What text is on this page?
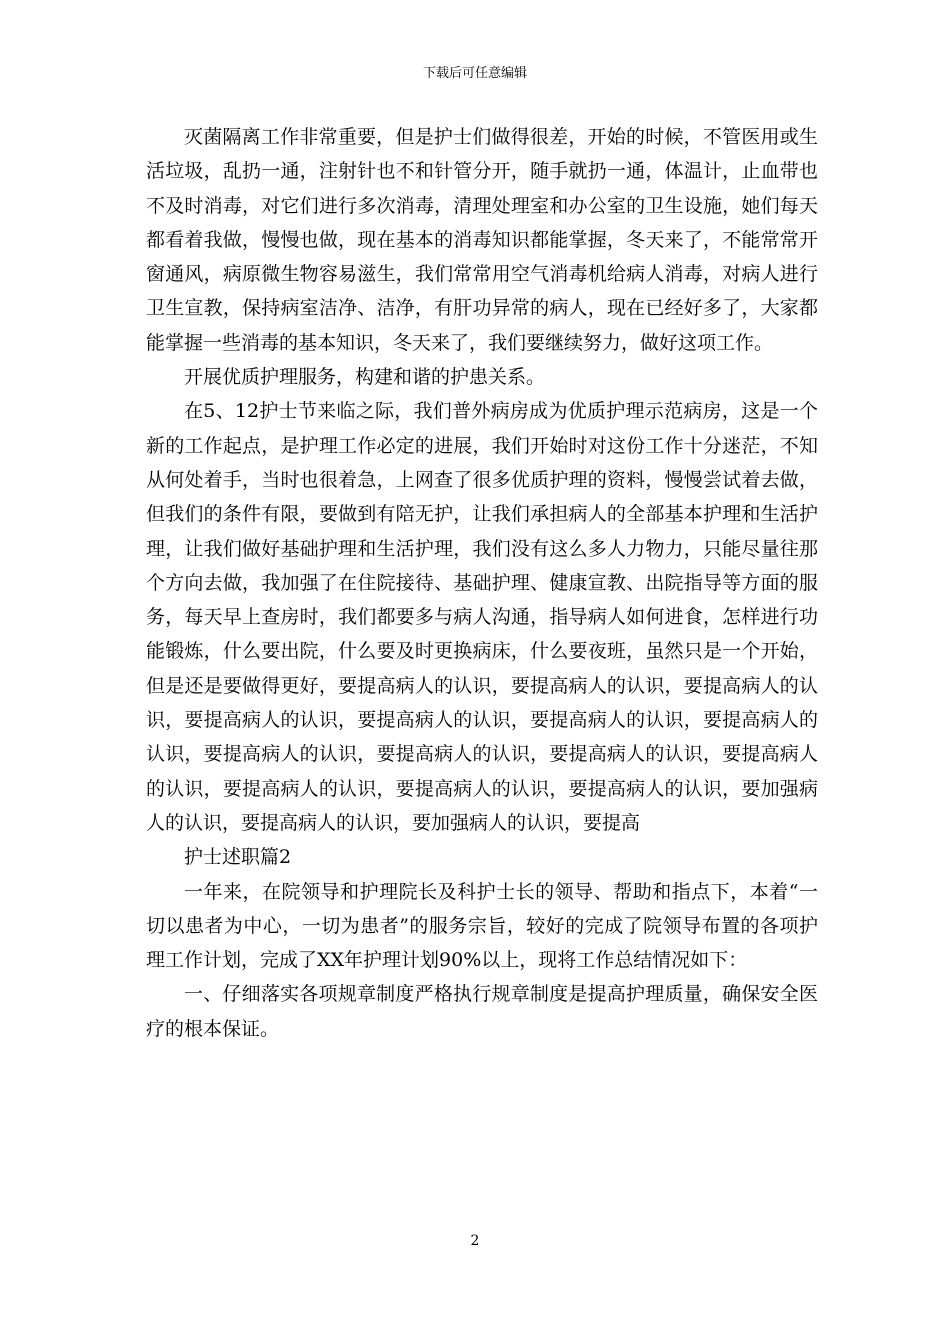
下载后可任意编辑

灭菌隔离工作非常重要，但是护士们做得很差，开始的时候，不管医用或生活垃圾，乱扔一通，注射针也不和针管分开，随手就扔一通，体温计，止血带也不及时消毒，对它们进行多次消毒，清理处理室和办公室的卫生设施，她们每天都看着我做，慢慢也做，现在基本的消毒知识都能掌握，冬天来了，不能常常开窗通风，病原微生物容易滋生，我们常常用空气消毒机给病人消毒，对病人进行卫生宣教，保持病室洁净、洁净，有肝功异常的病人，现在已经好多了，大家都能掌握一些消毒的基本知识，冬天来了，我们要继续努力，做好这项工作。

开展优质护理服务，构建和谐的护患关系。

在5、12护士节来临之际，我们普外病房成为优质护理示范病房，这是一个新的工作起点，是护理工作必定的进展，我们开始时对这份工作十分迷茫，不知从何处着手，当时也很着急，上网查了很多优质护理的资料，慢慢尝试着去做，但我们的条件有限，要做到有陪无护，让我们承担病人的全部基本护理和生活护理，让我们做好基础护理和生活护理，我们没有这么多人力物力，只能尽量往那个方向去做，我加强了在住院接待、基础护理、健康宣教、出院指导等方面的服务，每天早上查房时，我们都要多与病人沟通，指导病人如何进食，怎样进行功能锻炼，什么要出院，什么要及时更换病床，什么要夜班，虽然只是一个开始，但是还是要做得更好，要提高病人的认识，要提高病人的认识，要提高病人的认识，要提高病人的认识，要提高病人的认识，要提高病人的认识，要提高病人的认识，要提高病人的认识，要提高病人的认识，要提高病人的认识，要提高病人的认识，要提高病人的认识，要提高病人的认识，要提高病人的认识，要加强病人的认识，要提高病人的认识，要加强病人的认识，要提高

护士述职篇2

一年来，在院领导和护理院长及科护士长的领导、帮助和指点下，本着“一切以患者为中心，一切为患者”的服务宗旨，较好的完成了院领导布置的各项护理工作计划，完成了XX年护理计划90%以上，现将工作总结情况如下：

一、仔细落实各项规章制度严格执行规章制度是提高护理质量，确保安全医疗的根本保证。

2
